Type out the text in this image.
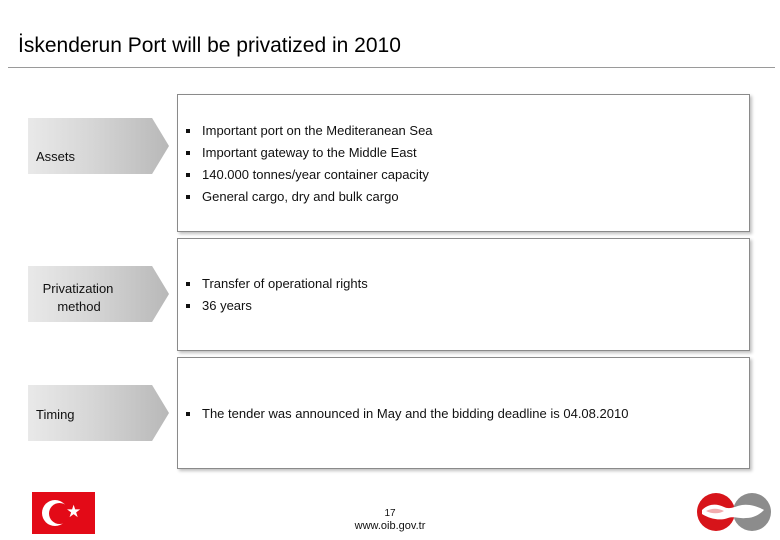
İskenderun Port will be privatized in 2010
Assets
Important port on the Mediteranean Sea
Important gateway to the Middle East
140.000 tonnes/year container capacity
General cargo, dry and bulk cargo
Privatization
method
Transfer of operational rights
36 years
Timing	The tender was announced in May and the bidding deadline is 04.08.2010
★	17
www.oib.gov.tr
